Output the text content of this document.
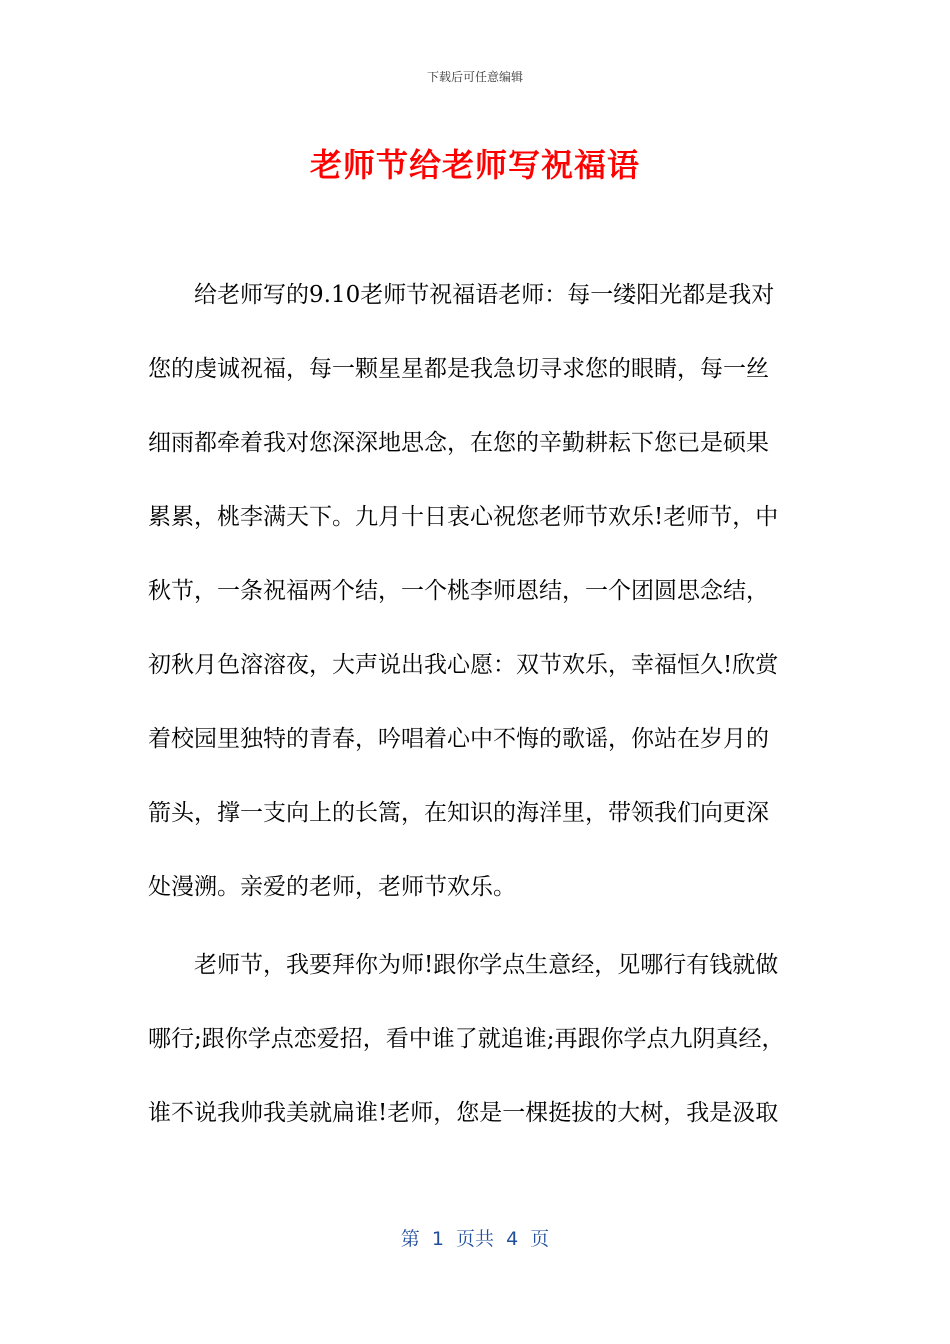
下载后可任意编辑
老师节给老师写祝福语
　　给老师写的9.10老师节祝福语老师：每一缕阳光都是我对
您的虔诚祝福，每一颗星星都是我急切寻求您的眼睛，每一丝
细雨都牵着我对您深深地思念，在您的辛勤耕耘下您已是硕果
累累，桃李满天下。九月十日衷心祝您老师节欢乐!老师节，中
秋节，一条祝福两个结，一个桃李师恩结，一个团圆思念结，
初秋月色溶溶夜，大声说出我心愿：双节欢乐，幸福恒久!欣赏
着校园里独特的青春，吟唱着心中不悔的歌谣，你站在岁月的
箭头，撑一支向上的长篙，在知识的海洋里，带领我们向更深
处漫溯。亲爱的老师，老师节欢乐。
　　老师节，我要拜你为师!跟你学点生意经，见哪行有钱就做
哪行;跟你学点恋爱招，看中谁了就追谁;再跟你学点九阴真经，
谁不说我帅我美就扁谁!老师，您是一棵挺拔的大树，我是汲取
第  1  页共  4  页
